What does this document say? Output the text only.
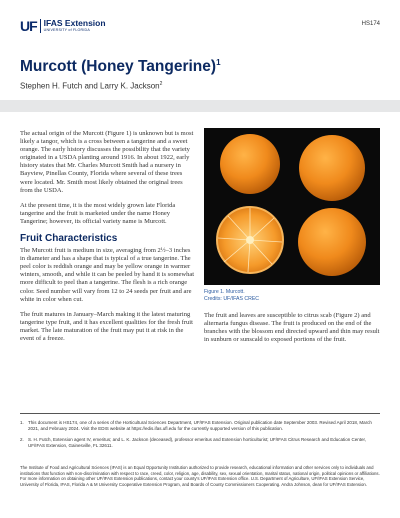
UF IFAS Extension
UNIVERSITY of FLORIDA
HS174
Murcott (Honey Tangerine)$^1$
Stephen H. Futch and Larry K. Jackson$^2$

The actual origin of the Murcott (Figure 1) is unknown but is most likely a tangor, which is a cross between a tangerine and a sweet orange. The early history discusses the possibility that the variety originated in a USDA planting around 1916. In about 1922, early history states that Mr. Charles Murcott Smith had a nursery in Bayview, Pinellas County, Florida where several of these trees were located. Mr. Smith most likely obtained the original trees from the USDA.

At the present time, it is the most widely grown late Florida tangerine and the fruit is marketed under the name Honey Tangerine; however, its official variety name is Murcott.

Fruit Characteristics

The Murcott fruit is medium in size, averaging from 2½–3 inches in diameter and has a shape that is typical of a true tangerine. The peel color is reddish orange and may be yellow orange in warmer winters, smooth, and while it can be peeled by hand it is somewhat more difficult to peel than a tangerine. The flesh is a rich orange color. Seed number will vary from 12 to 24 seeds per fruit and are white in color when cut.

The fruit matures in January–March making it the latest maturing tangerine type fruit, and it has excellent qualities for the fresh fruit market. The late maturation of the fruit may put it at risk in the event of a freeze.

Figure 1. Murcott.
Credits: UF/IFAS CREC

The fruit and leaves are susceptible to citrus scab (Figure 2) and alternaria fungus disease. The fruit is produced on the end of the branches with the blossom end directed upward and thin may result in sunburn or sunscald to exposed portions of the fruit.

1. This document is HS174, one of a series of the Horticultural Sciences Department, UF/IFAS Extension. Original publication date September 2003. Revised April 2018, March 2021, and February 2024. Visit the EDIS website at https://edis.ifas.ufl.edu for the currently supported version of this publication.
2. S. H. Futch, Extension agent IV, emeritus; and L. K. Jackson (deceased), professor emeritus and Extension horticulturist; UF/IFAS Citrus Research and Education Center, UF/IFAS Extension, Gainesville, FL 32611.

The Institute of Food and Agricultural Sciences (IFAS) is an Equal Opportunity Institution authorized to provide research, educational information and other services only to individuals and institutions that function with non-discrimination with respect to race, creed, color, religion, age, disability, sex, sexual orientation, marital status, national origin, political opinions or affiliations. For more information on obtaining other UF/IFAS Extension publications, contact your county's UF/IFAS Extension office. U.S. Department of Agriculture, UF/IFAS Extension Service, University of Florida, IFAS, Florida A & M University Cooperative Extension Program, and Boards of County Commissioners Cooperating. Andra Johnson, dean for UF/IFAS Extension.
